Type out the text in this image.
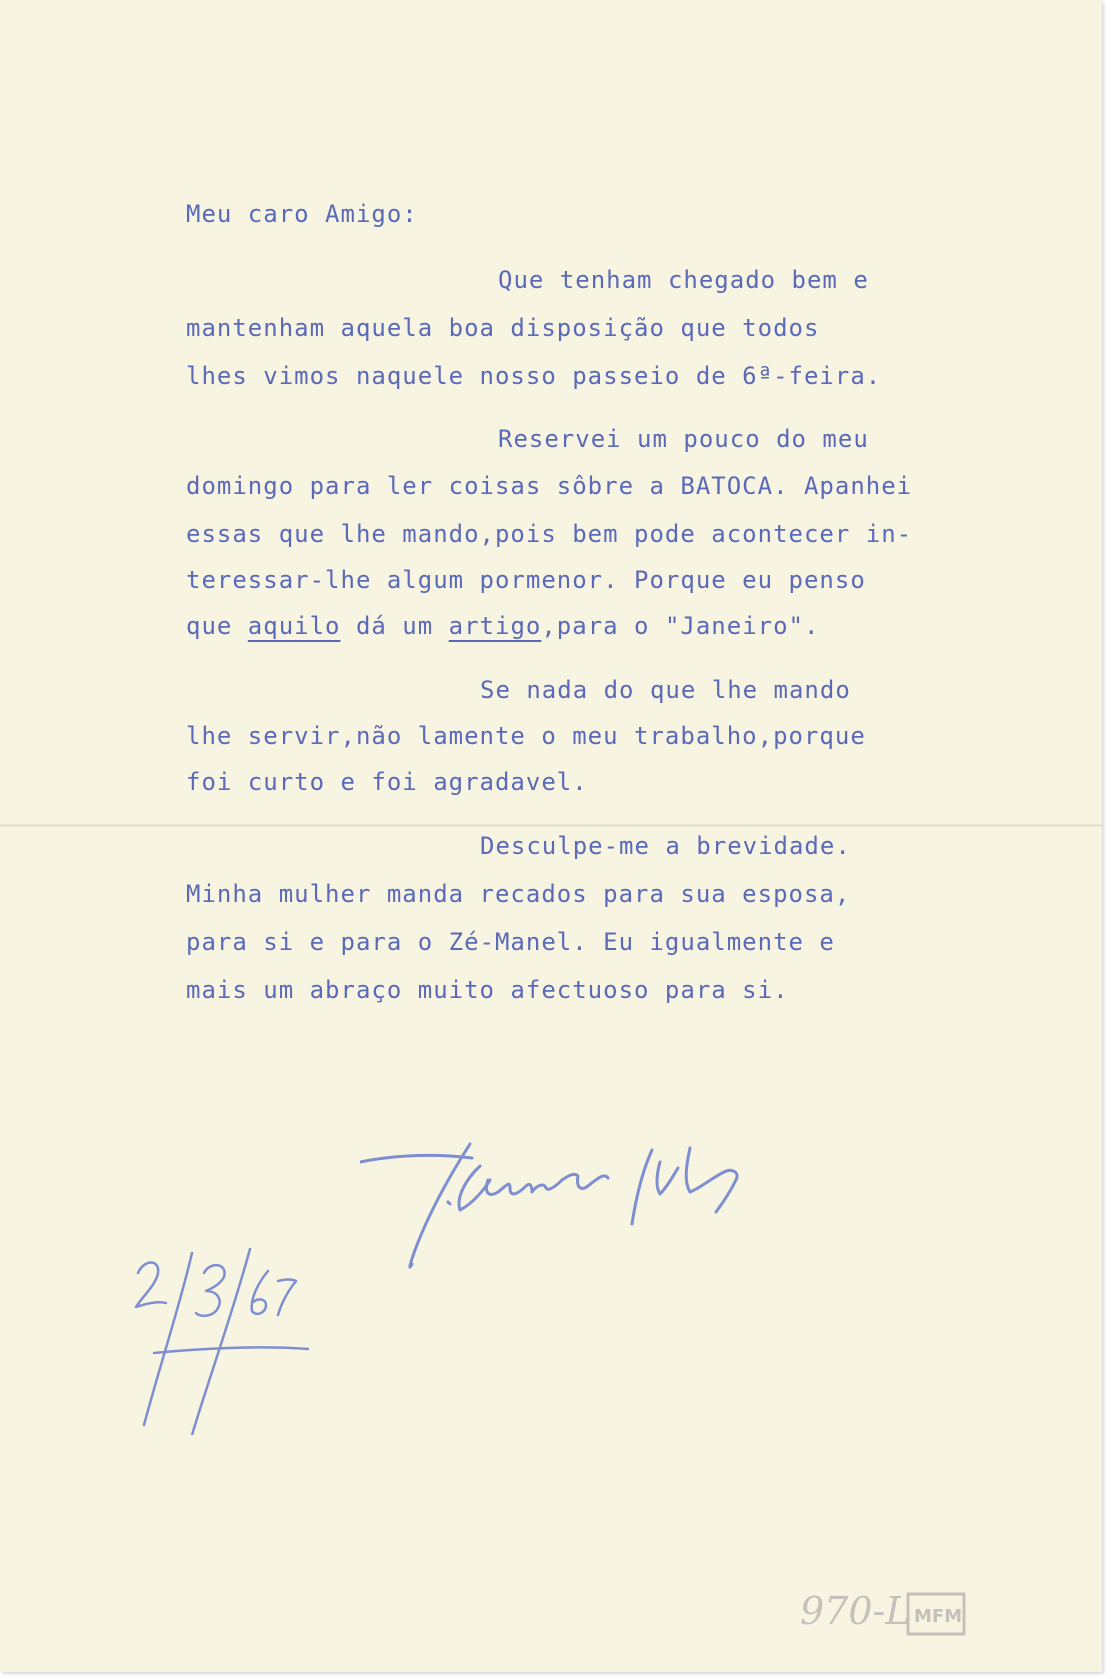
Meu caro Amigo:
Que tenham chegado bem e
mantenham aquela boa disposição que todos
lhes vimos naquele nosso passeio de 6ª-feira.
Reservei um pouco do meu
domingo para ler coisas sôbre a BATOCA. Apanhei
essas que lhe mando,pois bem pode acontecer in-
teressar-lhe algum pormenor. Porque eu penso
que aquilo dá um artigo,para o "Janeiro".
Se nada do que lhe mando
lhe servir,não lamente o meu trabalho,porque
foi curto e foi agradavel.
Desculpe-me a brevidade.
Minha mulher manda recados para sua esposa,
para si e para o Zé-Manel. Eu igualmente e
mais um abraço muito afectuoso para si.
970-L MFM
